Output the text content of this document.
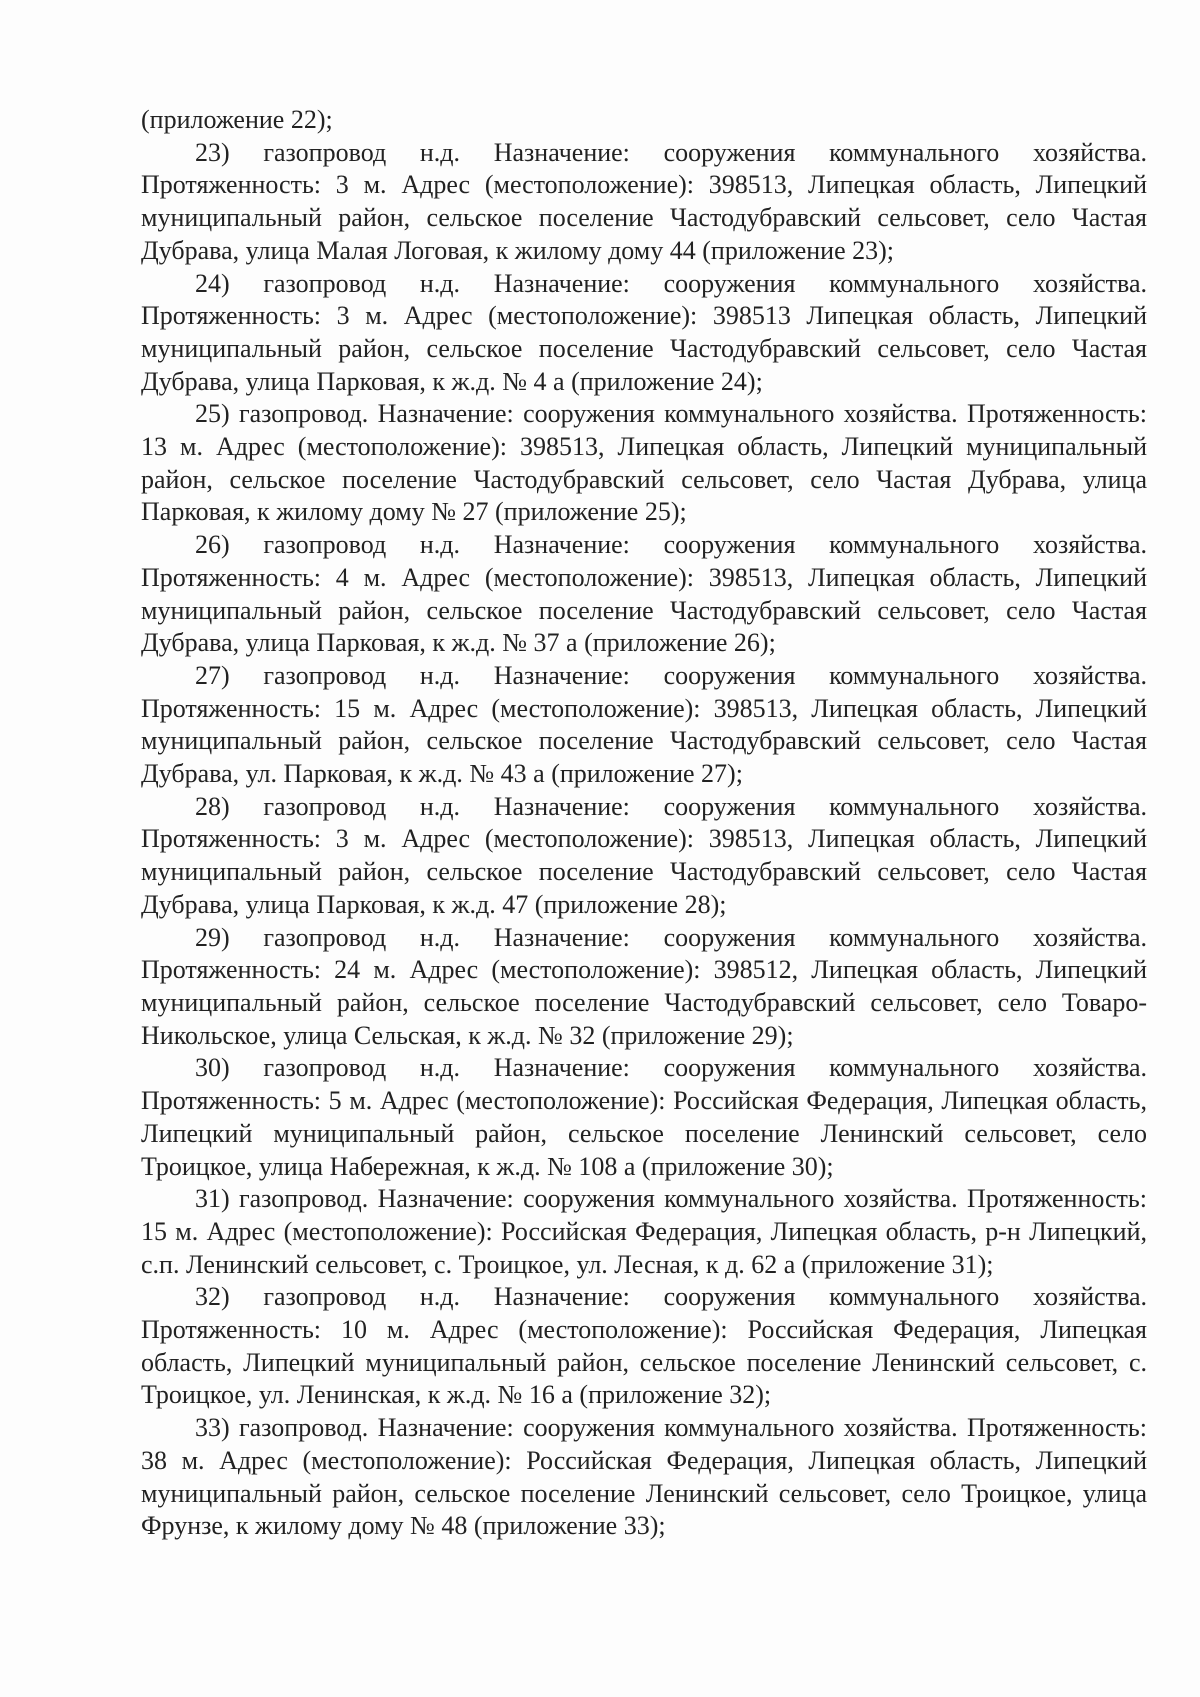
(приложение 22);

23) газопровод н.д. Назначение: сооружения коммунального хозяйства. Протяженность: 3 м. Адрес (местоположение): 398513, Липецкая область, Липецкий муниципальный район, сельское поселение Частодубравский сельсовет, село Частая Дубрава, улица Малая Логовая, к жилому дому 44 (приложение 23);

24) газопровод н.д. Назначение: сооружения коммунального хозяйства. Протяженность: 3 м. Адрес (местоположение): 398513 Липецкая область, Липецкий муниципальный район, сельское поселение Частодубравский сельсовет, село Частая Дубрава, улица Парковая, к ж.д. № 4 а (приложение 24);

25) газопровод. Назначение: сооружения коммунального хозяйства. Протяженность: 13 м. Адрес (местоположение): 398513, Липецкая область, Липецкий муниципальный район, сельское поселение Частодубравский сельсовет, село Частая Дубрава, улица Парковая, к жилому дому № 27 (приложение 25);

26) газопровод н.д. Назначение: сооружения коммунального хозяйства. Протяженность: 4 м. Адрес (местоположение): 398513, Липецкая область, Липецкий муниципальный район, сельское поселение Частодубравский сельсовет, село Частая Дубрава, улица Парковая, к ж.д. № 37 а (приложение 26);

27) газопровод н.д. Назначение: сооружения коммунального хозяйства. Протяженность: 15 м. Адрес (местоположение): 398513, Липецкая область, Липецкий муниципальный район, сельское поселение Частодубравский сельсовет, село Частая Дубрава, ул. Парковая, к ж.д. № 43 а (приложение 27);

28) газопровод н.д. Назначение: сооружения коммунального хозяйства. Протяженность: 3 м. Адрес (местоположение): 398513, Липецкая область, Липецкий муниципальный район, сельское поселение Частодубравский сельсовет, село Частая Дубрава, улица Парковая, к ж.д. 47 (приложение 28);

29) газопровод н.д. Назначение: сооружения коммунального хозяйства. Протяженность: 24 м. Адрес (местоположение): 398512, Липецкая область, Липецкий муниципальный район, сельское поселение Частодубравский сельсовет, село Товаро-Никольское, улица Сельская, к ж.д. № 32 (приложение 29);

30) газопровод н.д. Назначение: сооружения коммунального хозяйства. Протяженность: 5 м. Адрес (местоположение): Российская Федерация, Липецкая область, Липецкий муниципальный район, сельское поселение Ленинский сельсовет, село Троицкое, улица Набережная, к ж.д. № 108 а (приложение 30);

31) газопровод. Назначение: сооружения коммунального хозяйства. Протяженность: 15 м. Адрес (местоположение): Российская Федерация, Липецкая область, р-н Липецкий, с.п. Ленинский сельсовет, с. Троицкое, ул. Лесная, к д. 62 а (приложение 31);

32) газопровод н.д. Назначение: сооружения коммунального хозяйства. Протяженность: 10 м. Адрес (местоположение): Российская Федерация, Липецкая область, Липецкий муниципальный район, сельское поселение Ленинский сельсовет, с. Троицкое, ул. Ленинская, к ж.д. № 16 а (приложение 32);

33) газопровод. Назначение: сооружения коммунального хозяйства. Протяженность: 38 м. Адрес (местоположение): Российская Федерация, Липецкая область, Липецкий муниципальный район, сельское поселение Ленинский сельсовет, село Троицкое, улица Фрунзе, к жилому дому № 48 (приложение 33);
